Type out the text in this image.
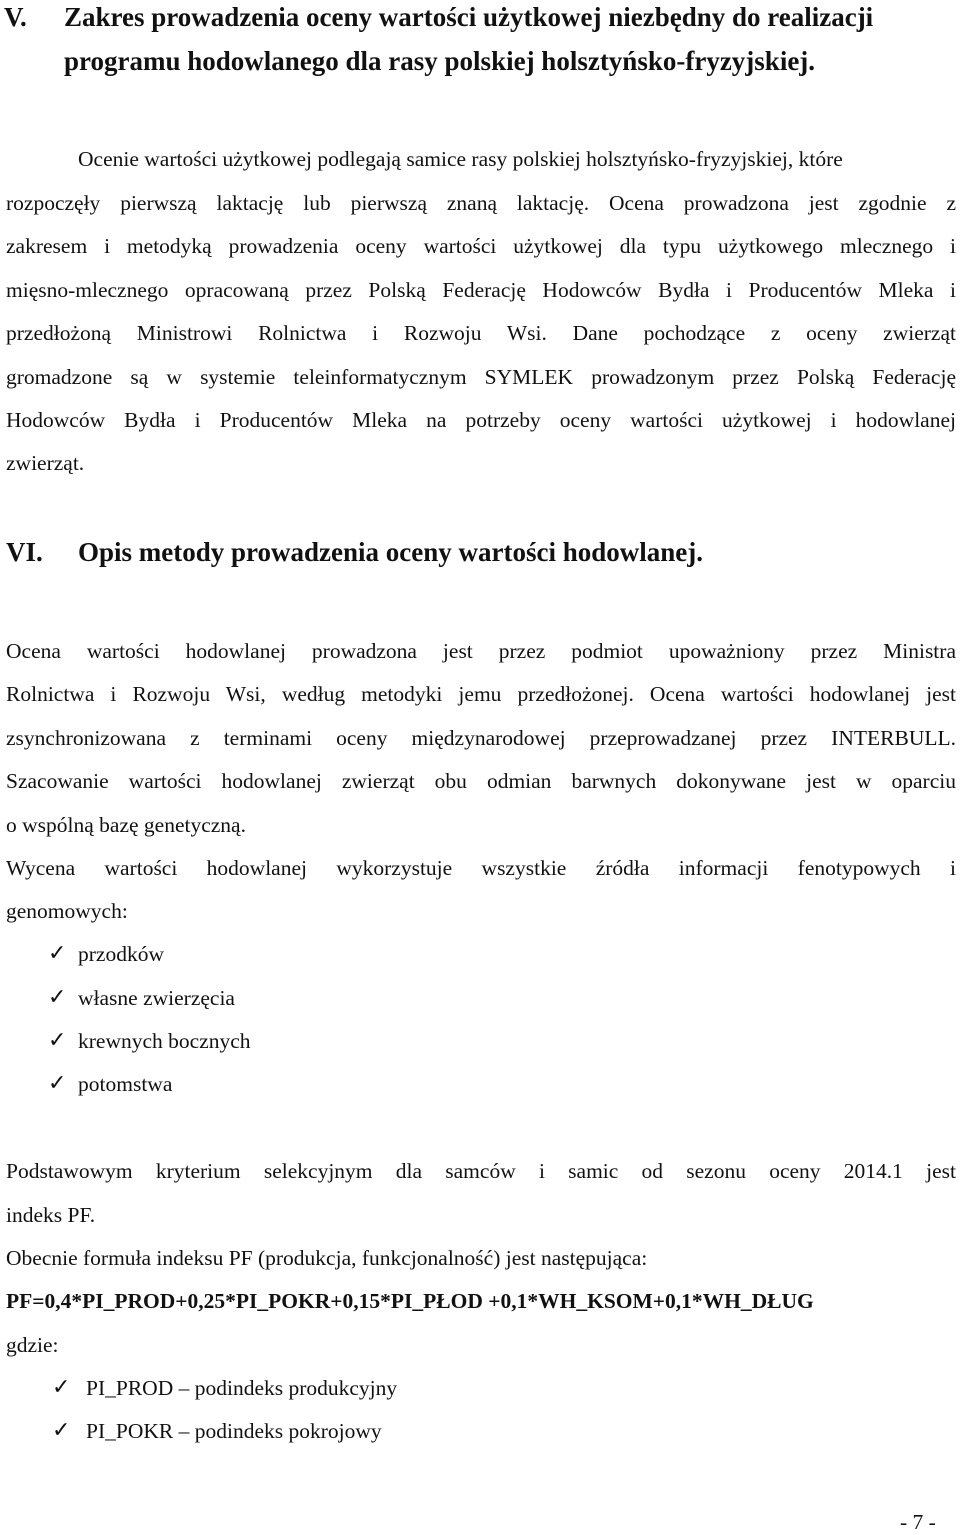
V. Zakres prowadzenia oceny wartości użytkowej niezbędny do realizacji
programu hodowlanego dla rasy polskiej holsztyńsko-fryzyjskiej.
Ocenie wartości użytkowej podlegają samice rasy polskiej holsztyńsko-fryzyjskiej, które
rozpoczęły pierwszą laktację lub pierwszą znaną laktację. Ocena prowadzona jest zgodnie z
zakresem i metodyką prowadzenia oceny wartości użytkowej dla typu użytkowego mlecznego i
mięsno-mlecznego opracowaną przez Polską Federację Hodowców Bydła i Producentów Mleka i
przedłożoną Ministrowi Rolnictwa i Rozwoju Wsi. Dane pochodzące z oceny zwierząt
gromadzone są w systemie teleinformatycznym SYMLEK prowadzonym przez Polską Federację
Hodowców Bydła i Producentów Mleka na potrzeby oceny wartości użytkowej i hodowlanej
zwierząt.
VI. Opis metody prowadzenia oceny wartości hodowlanej.
Ocena wartości hodowlanej prowadzona jest przez podmiot upoważniony przez Ministra
Rolnictwa i Rozwoju Wsi, według metodyki jemu przedłożonej. Ocena wartości hodowlanej jest
zsynchronizowana z terminami oceny międzynarodowej przeprowadzanej przez INTERBULL.
Szacowanie wartości hodowlanej zwierząt obu odmian barwnych dokonywane jest w oparciu
o wspólną bazę genetyczną.
Wycena wartości hodowlanej wykorzystuje wszystkie źródła informacji fenotypowych i
genomowych:
✓ przodków
✓ własne zwierzęcia
✓ krewnych bocznych
✓ potomstwa
Podstawowym kryterium selekcyjnym dla samców i samic od sezonu oceny 2014.1 jest
indeks PF.
Obecnie formuła indeksu PF (produkcja, funkcjonalność) jest następująca:
PF=0,4*PI_PROD+0,25*PI_POKR+0,15*PI_PŁOD +0,1*WH_KSOM+0,1*WH_DŁUG
gdzie:
✓ PI_PROD – podindeks produkcyjny
✓ PI_POKR – podindeks pokrojowy
- 7 -
